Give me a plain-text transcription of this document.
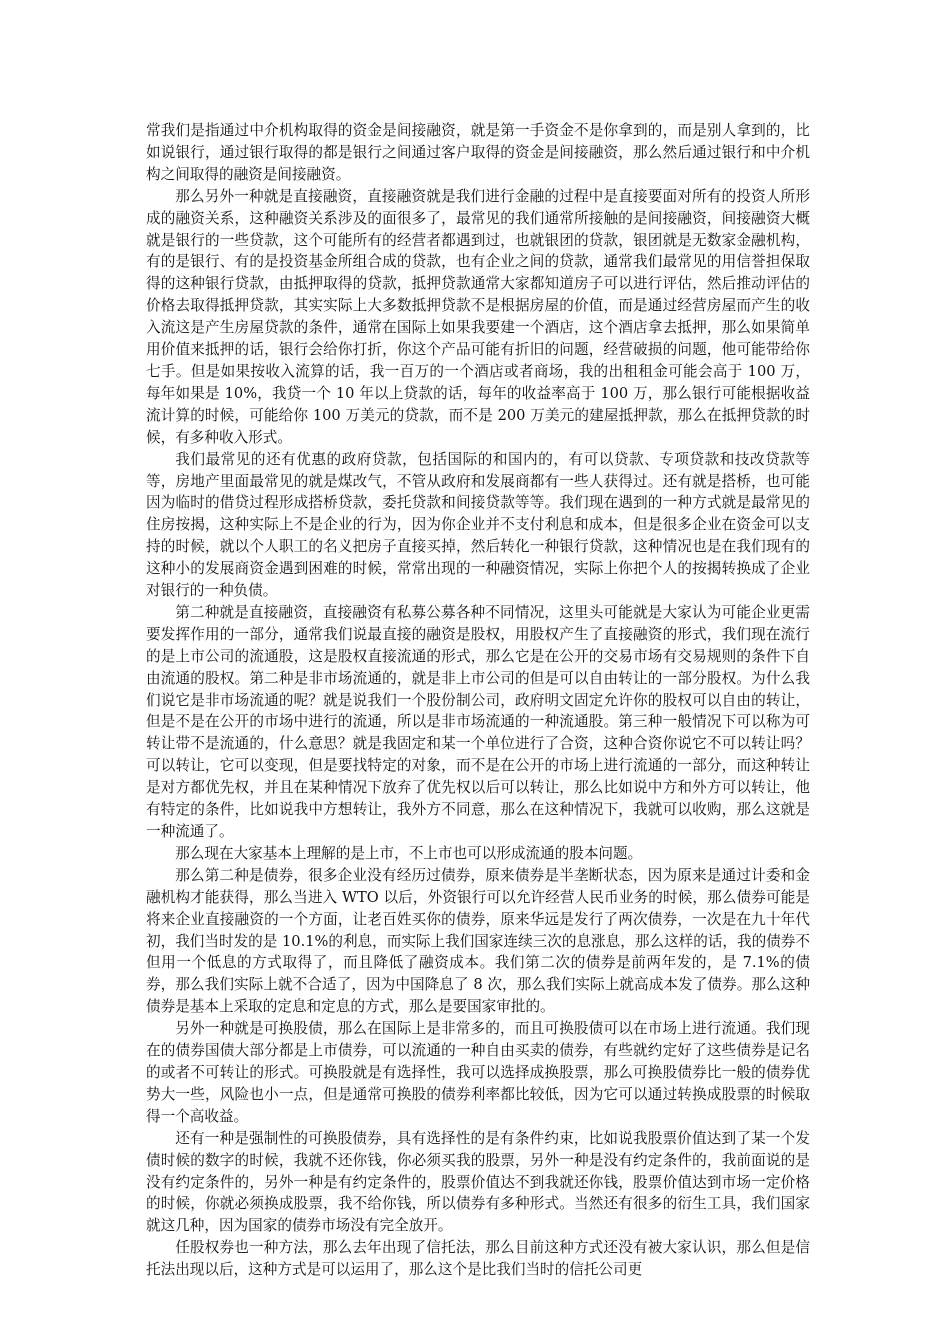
常我们是指通过中介机构取得的资金是间接融资，就是第一手资金不是你拿到的，而是别人拿到的，比如说银行，通过银行取得的都是银行之间通过客户取得的资金是间接融资，那么然后通过银行和中介机构之间取得的融资是间接融资。

那么另外一种就是直接融资，直接融资就是我们进行金融的过程中是直接要面对所有的投资人所形成的融资关系，这种融资关系涉及的面很多了，最常见的我们通常所接触的是间接融资，间接融资大概就是银行的一些贷款，这个可能所有的经营者都遇到过，也就银团的贷款，银团就是无数家金融机构，有的是银行、有的是投资基金所组合成的贷款，也有企业之间的贷款，通常我们最常见的用信誉担保取得的这种银行贷款，由抵押取得的贷款，抵押贷款通常大家都知道房子可以进行评估，然后推动评估的价格去取得抵押贷款，其实实际上大多数抵押贷款不是根据房屋的价值，而是通过经营房屋而产生的收入流这是产生房屋贷款的条件，通常在国际上如果我要建一个酒店，这个酒店拿去抵押，那么如果简单用价值来抵押的话，银行会给你打折，你这个产品可能有折旧的问题，经营破损的问题，他可能带给你七手。但是如果按收入流算的话，我一百万的一个酒店或者商场，我的出租租金可能会高于 100 万，每年如果是 10%，我贷一个 10 年以上贷款的话，每年的收益率高于 100 万，那么银行可能根据收益流计算的时候，可能给你 100 万美元的贷款，而不是 200 万美元的建屋抵押款，那么在抵押贷款的时候，有多种收入形式。

我们最常见的还有优惠的政府贷款，包括国际的和国内的，有可以贷款、专项贷款和技改贷款等等，房地产里面最常见的就是煤改气，不管从政府和发展商都有一些人获得过。还有就是搭桥，也可能因为临时的借贷过程形成搭桥贷款，委托贷款和间接贷款等等。我们现在遇到的一种方式就是最常见的住房按揭，这种实际上不是企业的行为，因为你企业并不支付利息和成本，但是很多企业在资金可以支持的时候，就以个人职工的名义把房子直接买掉，然后转化一种银行贷款，这种情况也是在我们现有的这种小的发展商资金遇到困难的时候，常常出现的一种融资情况，实际上你把个人的按揭转换成了企业对银行的一种负债。

第二种就是直接融资，直接融资有私募公募各种不同情况，这里头可能就是大家认为可能企业更需要发挥作用的一部分，通常我们说最直接的融资是股权，用股权产生了直接融资的形式，我们现在流行的是上市公司的流通股，这是股权直接流通的形式，那么它是在公开的交易市场有交易规则的条件下自由流通的股权。第二种是非市场流通的，就是非上市公司的但是可以自由转让的一部分股权。为什么我们说它是非市场流通的呢？就是说我们一个股份制公司，政府明文固定允许你的股权可以自由的转让，但是不是在公开的市场中进行的流通，所以是非市场流通的一种流通股。第三种一般情况下可以称为可转让带不是流通的，什么意思？就是我固定和某一个单位进行了合资，这种合资你说它不可以转让吗？可以转让，它可以变现，但是要找特定的对象，而不是在公开的市场上进行流通的一部分，而这种转让是对方都优先权，并且在某种情况下放弃了优先权以后可以转让，那么比如说中方和外方可以转让，他有特定的条件，比如说我中方想转让，我外方不同意，那么在这种情况下，我就可以收购，那么这就是一种流通了。

那么现在大家基本上理解的是上市，不上市也可以形成流通的股本问题。

那么第二种是债券，很多企业没有经历过债券，原来债券是半垄断状态，因为原来是通过计委和金融机构才能获得，那么当进入 WTO 以后，外资银行可以允许经营人民币业务的时候，那么债券可能是将来企业直接融资的一个方面，让老百姓买你的债券，原来华远是发行了两次债券，一次是在九十年代初，我们当时发的是 10.1%的利息，而实际上我们国家连续三次的息涨息，那么这样的话，我的债券不但用一个低息的方式取得了，而且降低了融资成本。我们第二次的债券是前两年发的，是 7.1%的债券，那么我们实际上就不合适了，因为中国降息了 8 次，那么我们实际上就高成本发了债券。那么这种债券是基本上采取的定息和定息的方式，那么是要国家审批的。

另外一种就是可换股债，那么在国际上是非常多的，而且可换股债可以在市场上进行流通。我们现在的债券国债大部分都是上市债券，可以流通的一种自由买卖的债券，有些就约定好了这些债券是记名的或者不可转让的形式。可换股就是有选择性，我可以选择成换股票，那么可换股债券比一般的债券优势大一些，风险也小一点，但是通常可换股的债券利率都比较低，因为它可以通过转换成股票的时候取得一个高收益。

还有一种是强制性的可换股债券，具有选择性的是有条件约束，比如说我股票价值达到了某一个发债时候的数字的时候，我就不还你钱，你必须买我的股票，另外一种是没有约定条件的，我前面说的是没有约定条件的，另外一种是有约定条件的，股票价值达不到我就还你钱，股票价值达到市场一定价格的时候，你就必须换成股票，我不给你钱，所以债券有多种形式。当然还有很多的衍生工具，我们国家就这几种，因为国家的债券市场没有完全放开。

任股权券也一种方法，那么去年出现了信托法，那么目前这种方式还没有被大家认识，那么但是信托法出现以后，这种方式是可以运用了，那么这个是比我们当时的信托公司更
